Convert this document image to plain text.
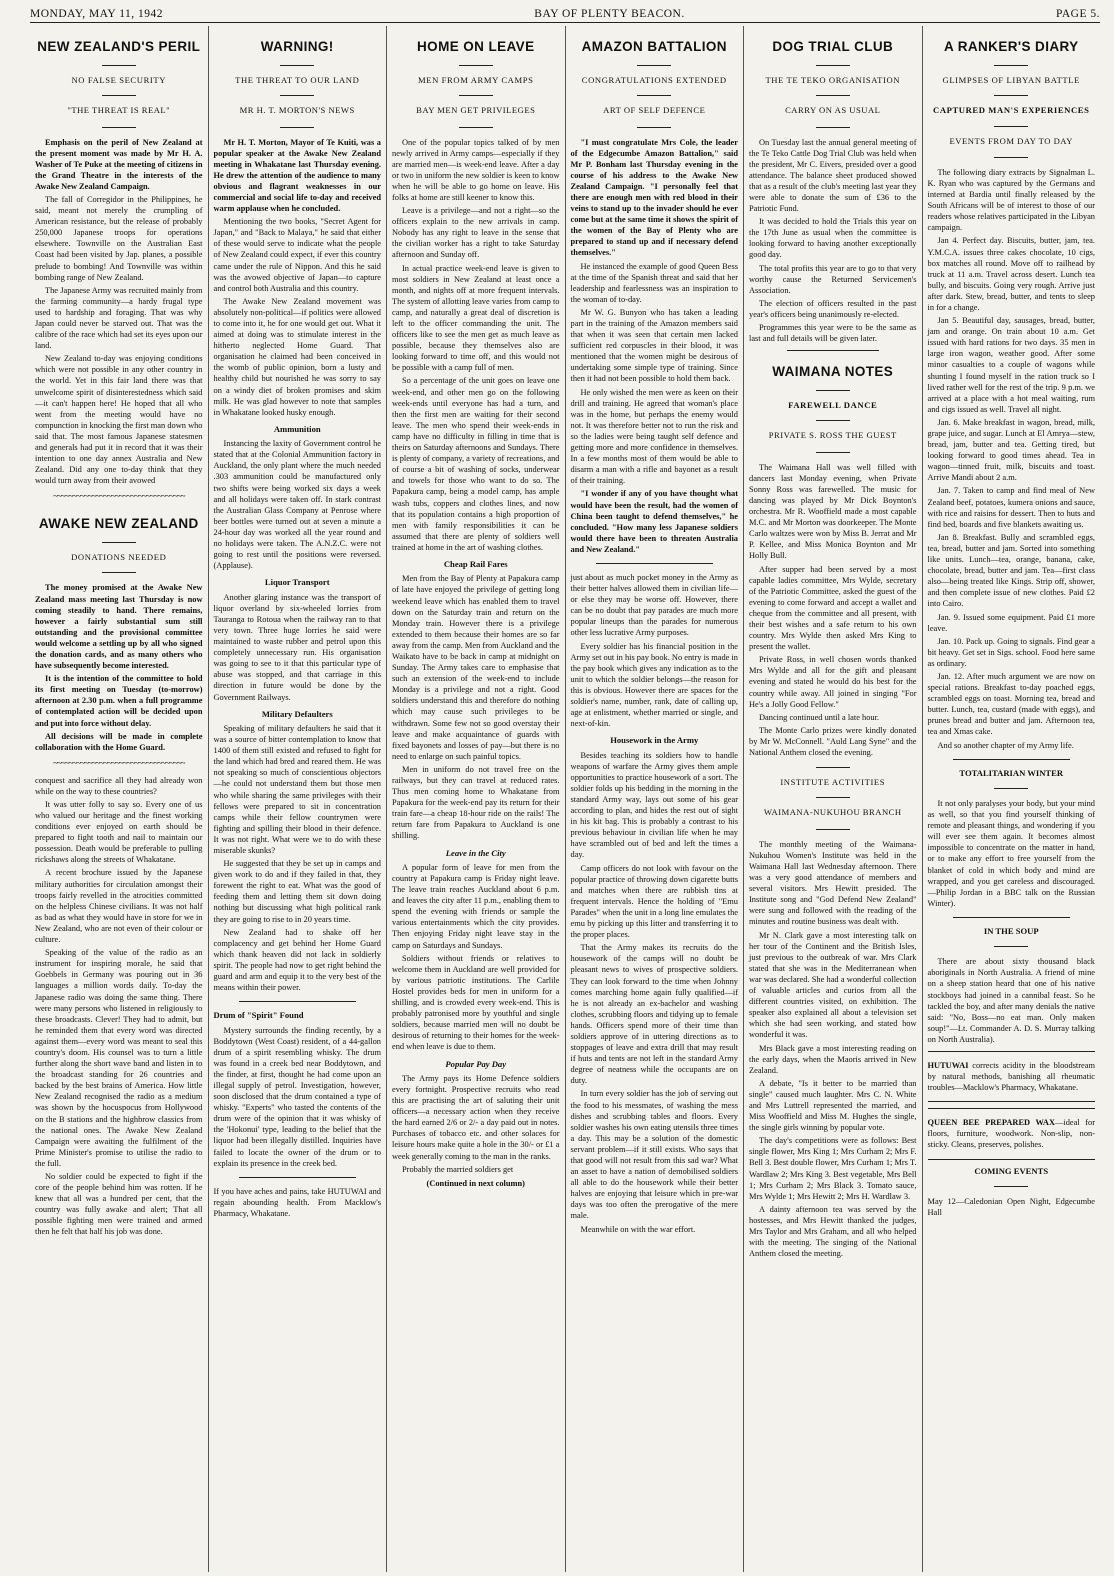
MONDAY, MAY 11, 1942	BAY OF PLENTY BEACON.	PAGE 5.
NEW ZEALAND'S PERIL
NO FALSE SECURITY
"THE THREAT IS REAL"

Emphasis on the peril of New Zealand at the present moment was made by Mr H. A. Washer of Te Puke at the meeting of citizens in the Grand Theatre in the interests of the Awake New Zealand Campaign.

The fall of Corregidor in the Philippines, he said, meant not merely the crumpling of American resistance, but the release of probably 250,000 Japanese troops for operations elsewhere. Townville on the Australian East Coast had been visited by Jap. planes, a possible prelude to bombing! And Townville was within bombing range of New Zealand.

The Japanese Army was recruited mainly from the farming community—a hardy frugal type used to hardship and foraging. That was why Japan could never be starved out. That was the calibre of the race which had set its eyes upon our land.

New Zealand to-day was enjoying conditions which were not possible in any other country in the world. Yet in this fair land there was that unwelcome spirit of disinterestedness which said—it can't happen here! He hoped that all who went from the meeting would have no compunction in knocking the first man down who said that. The most famous Japanese statesmen and generals had put it in record that it was their intention to one day annex Australia and New Zealand. Did any one to-day think that they would turn away from their avowed

~~~~~~~~~~~~~~~~~~~~~~~~~~~~~~~~~~
AWAKE NEW ZEALAND
DONATIONS NEEDED

The money promised at the Awake New Zealand mass meeting last Thursday is now coming steadily to hand. There remains, however a fairly substantial sum still outstanding and the provisional committee would welcome a settling up by all who signed the donation cards, and as many others who have subsequently become interested.

It is the intention of the committee to hold its first meeting on Tuesday (to-morrow) afternoon at 2.30 p.m. when a full programme of contemplated action will be decided upon and put into force without delay.

All decisions will be made in complete collaboration with the Home Guard.

~~~~~~~~~~~~~~~~~~~~~~~~~~~~~~~~~~

conquest and sacrifice all they had already won while on the way to these countries?

It was utter folly to say so. Every one of us who valued our heritage and the finest working conditions ever enjoyed on earth should be prepared to fight tooth and nail to maintain our possession. Death would be preferable to pulling rickshaws along the streets of Whakatane.

A recent brochure issued by the Japanese military authorities for circulation amongst their troops fairly revelled in the atrocities committed on the helpless Chinese civilians. It was not half as bad as what they would have in store for we in New Zealand, who are not even of their colour or culture.

Speaking of the value of the radio as an instrument for inspiring morale, he said that Goebbels in Germany was pouring out in 36 languages a million words daily. To-day the Japanese radio was doing the same thing. There were many persons who listened in religiously to these broadcasts. Clever! They had to admit, but he reminded them that every word was directed against them—every word was meant to seal this country's doom. His counsel was to turn a little further along the short wave band and listen in to the broadcast standing for 26 countries and backed by the best brains of America. How little New Zealand recognised the radio as a medium was shown by the hocuspocus from Hollywood on the B stations and the highbrow classics from the national ones. The Awake New Zealand Campaign were awaiting the fulfilment of the Prime Minister's promise to utilise the radio to the full.

No soldier could be expected to fight if the core of the people behind him was rotten. If he knew that all was a hundred per cent, that the country was fully awake and alert; That all possible fighting men were trained and armed then he felt that half his job was done.

WARNING!
THE THREAT TO OUR LAND
MR H. T. MORTON'S NEWS

Mr H. T. Morton, Mayor of Te Kuiti, was a popular speaker at the Awake New Zealand meeting in Whakatane last Thursday evening. He drew the attention of the audience to many obvious and flagrant weaknesses in our commercial and social life to-day and received warm applause when he concluded.

Mentioning the two books, "Secret Agent for Japan," and "Back to Malaya," he said that either of these would serve to indicate what the people of New Zealand could expect, if ever this country came under the rule of Nippon. And this he said was the avowed objective of Japan—to capture and control both Australia and this country.

The Awake New Zealand movement was absolutely non-political—if politics were allowed to come into it, he for one would get out. What it aimed at doing was to stimulate interest in the hitherto neglected Home Guard. That organisation he claimed had been conceived in the womb of public opinion, born a lusty and healthy child but nourished he was sorry to say on a windy diet of broken promises and skim milk. He was glad however to note that samples in Whakatane looked husky enough.

Ammunition

Instancing the laxity of Government control he stated that at the Colonial Ammunition factory in Auckland, the only plant where the much needed .303 ammunition could be manufactured only two shifts were being worked six days a week and all holidays were taken off. In stark contrast the Australian Glass Company at Penrose where beer bottles were turned out at seven a minute a 24-hour day was worked all the year round and no holidays were taken. The A.N.Z.C. were not going to rest until the positions were reversed. (Applause).

Liquor Transport

Another glaring instance was the transport of liquor overland by six-wheeled lorries from Tauranga to Rotoua when the railway ran to that very town. Three huge lorries he said were maintained to waste rubber and petrol upon this completely unnecessary run. His organisation was going to see to it that this particular type of abuse was stopped, and that carriage in this direction in future would be done by the Government Railways.

Military Defaulters

Speaking of military defaulters he said that it was a source of bitter contemplation to know that 1400 of them still existed and refused to fight for the land which had bred and reared them. He was not speaking so much of conscientious objectors—he could not understand them but those men who while sharing the same privileges with their fellows were prepared to sit in concentration camps while their fellow countrymen were fighting and spilling their blood in their defence. It was not right. What were we to do with these miserable skunks?

He suggested that they be set up in camps and given work to do and if they failed in that, they forewent the right to eat. What was the good of feeding them and letting them sit down doing nothing but discussing what high political rank they are going to rise to in 20 years time.

New Zealand had to shake off her complacency and get behind her Home Guard which thank heaven did not lack in soldierly spirit. The people had now to get right behind the guard and arm and equip it to the very best of the means within their power.

Drum of "Spirit" Found

Mystery surrounds the finding recently, by a Boddytown (West Coast) resident, of a 44-gallon drum of a spirit resembling whisky. The drum was found in a creek bed near Boddytown, and the finder, at first, thought he had come upon an illegal supply of petrol. Investigation, however, soon disclosed that the drum contained a type of whisky. "Experts" who tasted the contents of the drum were of the opinion that it was whisky of the 'Hokonui' type, leading to the belief that the liquor had been illegally distilled. Inquiries have failed to locate the owner of the drum or to explain its presence in the creek bed.

If you have aches and pains, take HUTUWAI and regain abounding health. From Macklow's Pharmacy, Whakatane.

HOME ON LEAVE
MEN FROM ARMY CAMPS
BAY MEN GET PRIVILEGES

One of the popular topics talked of by men newly arrived in Army camps—especially if they are married men—is week-end leave. After a day or two in uniform the new soldier is keen to know when he will be able to go home on leave. His folks at home are still keener to know this.

Leave is a privilege—and not a right—so the officers explain to the new arrivals in camp. Nobody has any right to leave in the sense that the civilian worker has a right to take Saturday afternoon and Sunday off.

In actual practice week-end leave is given to most soldiers in New Zealand at least once a month, and nights off at more frequent intervals. The system of allotting leave varies from camp to camp, and naturally a great deal of discretion is left to the officer commanding the unit. The officers like to see the men get as much leave as possible, because they themselves also are looking forward to time off, and this would not be possible with a camp full of men.

So a percentage of the unit goes on leave one week-end, and other men go on the following week-ends until everyone has had a turn, and then the first men are waiting for their second leave. The men who spend their week-ends in camp have no difficulty in filling in time that is theirs on Saturday afternoons and Sundays. There is plenty of company, a variety of recreations, and of course a bit of washing of socks, underwear and towels for those who want to do so. The Papakura camp, being a model camp, has ample wash tubs, coppers and clothes lines, and now that its population contains a high proportion of men with family responsibilities it can be assumed that there are plenty of soldiers well trained at home in the art of washing clothes.

Cheap Rail Fares

Men from the Bay of Plenty at Papakura camp of late have enjoyed the privilege of getting long weekend leave which has enabled them to travel down on the Saturday train and return on the Monday train. However there is a privilege extended to them because their homes are so far away from the camp. Men from Auckland and the Waikato have to be back in camp at midnight on Sunday. The Army takes care to emphasise that such an extension of the week-end to include Monday is a privilege and not a right. Good soldiers understand this and therefore do nothing which may cause such privileges to be withdrawn. Some few not so good overstay their leave and make acquaintance of guards with fixed bayonets and losses of pay—but there is no need to enlarge on such painful topics.

Men in uniform do not travel free on the railways, but they can travel at reduced rates. Thus men coming home to Whakatane from Papakura for the week-end pay its return for their train fare—a cheap 18-hour ride on the rails! The return fare from Papakura to Auckland is one shilling.

Leave in the City

A popular form of leave for men from the country at Papakura camp is Friday night leave. The leave train reaches Auckland about 6 p.m. and leaves the city after 11 p.m., enabling them to spend the evening with friends or sample the various entertainments which the city provides. Then enjoying Friday night leave stay in the camp on Saturdays and Sundays.

Soldiers without friends or relatives to welcome them in Auckland are well provided for by various patriotic institutions. The Carlile Hostel provides beds for men in uniform for a shilling, and is crowded every week-end. This is probably patronised more by youthful and single soldiers, because married men will no doubt be desirous of returning to their homes for the week-end when leave is due to them.

Popular Pay Day

The Army pays its Home Defence soldiers every fortnight. Prospective recruits who read this are practising the art of saluting their unit officers—a necessary action when they receive the hard earned 2/6 or 2/- a day paid out in notes. Purchases of tobacco etc. and other solaces for leisure hours make quite a hole in the 30/- or £1 a week generally coming to the man in the ranks.

Probably the married soldiers get

(Continued in next column)
AMAZON BATTALION
CONGRATULATIONS EXTENDED
ART OF SELF DEFENCE

"I must congratulate Mrs Cole, the leader of the Edgecumbe Amazon Battalion," said Mr P. Bonham last Thursday evening in the course of his address to the Awake New Zealand Campaign. "I personally feel that there are enough men with red blood in their veins to stand up to the invader should he ever come but at the same time it shows the spirit of the women of the Bay of Plenty who are prepared to stand up and if necessary defend themselves."

He instanced the example of good Queen Bess at the time of the Spanish threat and said that her leadership and fearlessness was an inspiration to the woman of to-day.

Mr W. G. Bunyon who has taken a leading part in the training of the Amazon members said that when it was seen that certain men lacked sufficient red corpuscles in their blood, it was mentioned that the women might be desirous of undertaking some simple type of training. Since then it had not been possible to hold them back.

He only wished the men were as keen on their drill and training. He agreed that woman's place was in the home, but perhaps the enemy would not. It was therefore better not to run the risk and so the ladies were being taught self defence and getting more and more confidence in themselves. In a few months most of them would be able to disarm a man with a rifle and bayonet as a result of their training.

"I wonder if any of you have thought what would have been the result, had the women of China been taught to defend themselves," he concluded. "How many less Japanese soldiers would there have been to threaten Australia and New Zealand."

just about as much pocket money in the Army as their better halves allowed them in civilian life—or else they may be worse off. However, there can be no doubt that pay parades are much more popular lineups than the parades for numerous other less lucrative Army purposes.

Every soldier has his financial position in the Army set out in his pay book. No entry is made in the pay book which gives any indication as to the unit to which the soldier belongs—the reason for this is obvious. However there are spaces for the soldier's name, number, rank, date of calling up, age at enlistment, whether married or single, and next-of-kin.

Housework in the Army

Besides teaching its soldiers how to handle weapons of warfare the Army gives them ample opportunities to practice housework of a sort. The soldier folds up his bedding in the morning in the standard Army way, lays out some of his gear according to plan, and hides the rest out of sight in his kit bag. This is probably a contrast to his previous behaviour in civilian life when he may have scrambled out of bed and left the times a day.

Camp officers do not look with favour on the popular practice of throwing down cigarette butts and matches when there are rubbish tins at frequent intervals. Hence the holding of "Emu Parades" when the unit in a long line emulates the emu by picking up this litter and transferring it to the proper places.

That the Army makes its recruits do the housework of the camps will no doubt be pleasant news to wives of prospective soldiers. They can look forward to the time when Johnny comes marching home again fully qualified—if he is not already an ex-bachelor and washing clothes, scrubbing floors and tidying up to female hands. Officers spend more of their time than soldiers approve of in uttering directions as to stoppages of leave and extra drill that may result if huts and tents are not left in the standard Army degree of neatness while the occupants are on duty.

In turn every soldier has the job of serving out the food to his messmates, of washing the mess dishes and scrubbing tables and floors. Every soldier washes his own eating utensils three times a day. This may be a solution of the domestic servant problem—if it still exists. Who says that that good will not result from this sad war? What an asset to have a nation of demobilised soldiers all able to do the housework while their better halves are enjoying that leisure which in pre-war days was too often the prerogative of the mere male.

Meanwhile on with the war effort.

DOG TRIAL CLUB
THE TE TEKO ORGANISATION
CARRY ON AS USUAL

On Tuesday last the annual general meeting of the Te Teko Cattle Dog Trial Club was held when the president, Mr C. Eivers, presided over a good attendance. The balance sheet produced showed that as a result of the club's meeting last year they were able to donate the sum of £36 to the Patriotic Fund.

It was decided to hold the Trials this year on the 17th June as usual when the committee is looking forward to having another exceptionally good day.

The total profits this year are to go to that very worthy cause the Returned Servicemen's Association.

The election of officers resulted in the past year's officers being unanimously re-elected.

Programmes this year were to be the same as last and full details will be given later.

WAIMANA NOTES
FAREWELL DANCE
PRIVATE S. ROSS THE GUEST

The Waimana Hall was well filled with dancers last Monday evening, when Private Sonny Ross was farewelled. The music for dancing was played by Mr Dick Boynton's orchestra. Mr R. Wooffield made a most capable M.C. and Mr Morton was doorkeeper. The Monte Carlo waltzes were won by Miss B. Jerrat and Mr P. Kellee, and Miss Monica Boynton and Mr Holly Bull.

After supper had been served by a most capable ladies committee, Mrs Wylde, secretary of the Patriotic Committee, asked the guest of the evening to come forward and accept a wallet and cheque from the committee and all present, with their best wishes and a safe return to his own country. Mrs Wylde then asked Mrs King to present the wallet.

Private Ross, in well chosen words thanked Mrs Wylde and all for the gift and pleasant evening and stated he would do his best for the country while away. All joined in singing "For He's a Jolly Good Fellow."

Dancing continued until a late hour.

The Monte Carlo prizes were kindly donated by Mr W. McConnell. "Auld Lang Syne" and the National Anthem closed the evening.

INSTITUTE ACTIVITIES
WAIMANA-NUKUHOU BRANCH

The monthly meeting of the Waimana-Nukuhou Women's Institute was held in the Waimana Hall last Wednesday afternoon. There was a very good attendance of members and several visitors. Mrs Hewitt presided. The Institute song and "God Defend New Zealand" were sung and followed with the reading of the minutes and routine business was dealt with.

Mr N. Clark gave a most interesting talk on her tour of the Continent and the British Isles, just previous to the outbreak of war. Mrs Clark stated that she was in the Mediterranean when war was declared. She had a wonderful collection of valuable articles and curios from all the different countries visited, on exhibition. The speaker also explained all about a television set which she had seen working, and stated how wonderful it was.

Mrs Black gave a most interesting reading on the early days, when the Maoris arrived in New Zealand.

A debate, "Is it better to be married than single" caused much laughter. Mrs C. N. White and Mrs Luttrell represented the married, and Miss Wooffield and Miss M. Hughes the single, the single girls winning by popular vote.

The day's competitions were as follows: Best single flower, Mrs King 1; Mrs Curham 2; Mrs F. Bell 3. Best double flower, Mrs Curham 1; Mrs T. Wardlaw 2; Mrs King 3. Best vegetable, Mrs Bell 1; Mrs Curham 2; Mrs Black 3. Tomato sauce, Mrs Wylde 1; Mrs Hewitt 2; Mrs H. Wardlaw 3.

A dainty afternoon tea was served by the hostesses, and Mrs Hewitt thanked the judges, Mrs Taylor and Mrs Graham, and all who helped with the meeting. The singing of the National Anthem closed the meeting.

A RANKER'S DIARY
GLIMPSES OF LIBYAN BATTLE
CAPTURED MAN'S EXPERIENCES
EVENTS FROM DAY TO DAY

The following diary extracts by Signalman L. K. Ryan who was captured by the Germans and interned at Bardia until finally released by the South Africans will be of interest to those of our readers whose relatives participated in the Libyan campaign.

Jan 4. Perfect day. Biscuits, butter, jam, tea. Y.M.C.A. issues three cakes chocolate, 10 cigs, box matches all round. Move off to railhead by truck at 11 a.m. Travel across desert. Lunch tea bully, and biscuits. Going very rough. Arrive just after dark. Stew, bread, butter, and tents to sleep in for a change.

Jan 5. Beautiful day, sausages, bread, butter, jam and orange. On train about 10 a.m. Get issued with hard rations for two days. 35 men in large iron wagon, weather good. After some minor casualties to a couple of wagons while shunting I found myself in the ration truck so I lived rather well for the rest of the trip. 9 p.m. we arrived at a place with a hot meal waiting, rum and cigs issued as well. Travel all night.

Jan. 6. Make breakfast in wagon, bread, milk, grape juice, and sugar. Lunch at El Amrya—stew, bread, jam, butter and tea. Getting tired, but looking forward to good times ahead. Tea in wagon—tinned fruit, milk, biscuits and toast. Arrive Mandi about 2 a.m.

Jan. 7. Taken to camp and find meal of New Zealand beef, potatoes, kumera onions and sauce, with rice and raisins for dessert. Then to huts and find bed, boards and five blankets awaiting us.

Jan 8. Breakfast. Bully and scrambled eggs, tea, bread, butter and jam. Sorted into something like units. Lunch—tea, orange, banana, cake, chocolate, bread, butter and jam. Tea—first class also—being treated like Kings. Strip off, shower, and then complete issue of new clothes. Paid £2 into Cairo.

Jan. 9. Issued some equipment. Paid £1 more leave.

Jan. 10. Pack up. Going to signals. Find gear a bit heavy. Get set in Sigs. school. Food here same as ordinary.

Jan. 12. After much argument we are now on special rations. Breakfast to-day poached eggs, scrambled eggs on toast. Morning tea, bread and butter. Lunch, tea, custard (made with eggs), and prunes bread and butter and jam. Afternoon tea, tea and Xmas cake.

And so another chapter of my Army life.

TOTALITARIAN WINTER

It not only paralyses your body, but your mind as well, so that you find yourself thinking of remote and pleasant things, and wondering if you will ever see them again. It becomes almost impossible to concentrate on the matter in hand, or to make any effort to free yourself from the blanket of cold in which body and mind are wrapped, and you get careless and discouraged.—Philip Jordan in a BBC talk on the Russian Winter).

IN THE SOUP

There are about sixty thousand black aboriginals in North Australia. A friend of mine on a sheep station heard that one of his native stockboys had joined in a cannibal feast. So he tackled the boy, and after many denials the native said: "No, Boss—no eat man. Only maken soup!"—Lt. Commander A. D. S. Murray talking on North Australia).

HUTUWAI corrects acidity in the bloodstream by natural methods, banishing all rheumatic troubles—Macklow's Pharmacy, Whakatane.
QUEEN BEE PREPARED WAX—ideal for floors, furniture, woodwork. Non-slip, non-sticky. Cleans, preserves, polishes.
COMING EVENTS

May 12—Caledonian Open Night, Edgecumbe Hall
